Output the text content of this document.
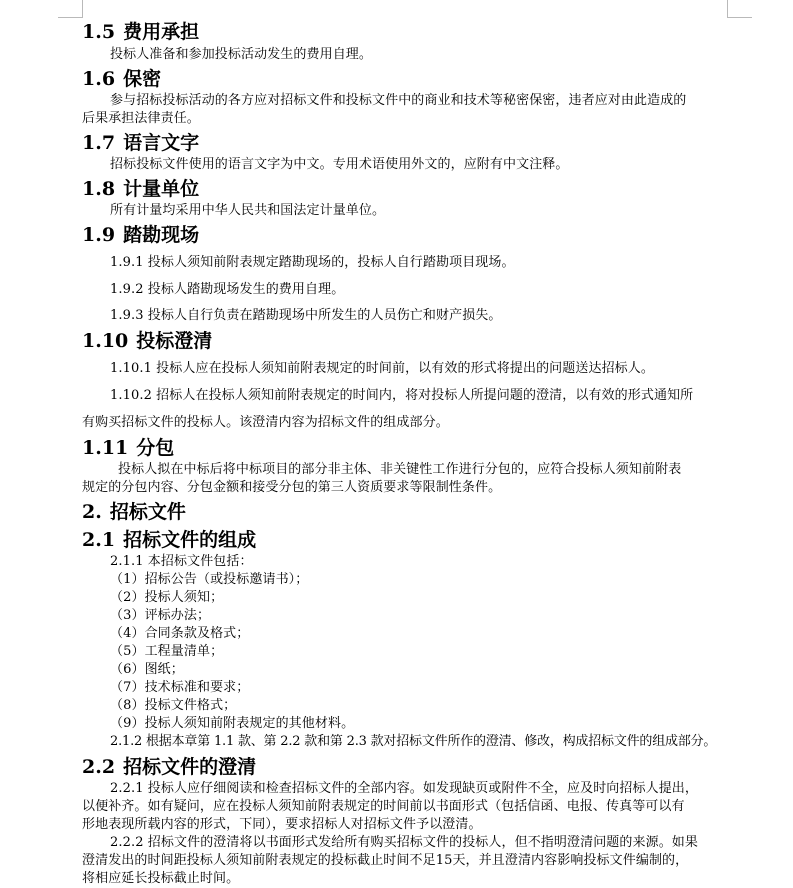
1.5 费用承担
投标人准备和参加投标活动发生的费用自理。
1.6 保密
参与招标投标活动的各方应对招标文件和投标文件中的商业和技术等秘密保密，违者应对由此造成的
后果承担法律责任。
1.7 语言文字
招标投标文件使用的语言文字为中文。专用术语使用外文的，应附有中文注释。
1.8 计量单位
所有计量均采用中华人民共和国法定计量单位。
1.9 踏勘现场
1.9.1 投标人须知前附表规定踏勘现场的，投标人自行踏勘项目现场。
1.9.2 投标人踏勘现场发生的费用自理。
1.9.3 投标人自行负责在踏勘现场中所发生的人员伤亡和财产损失。
1.10 投标澄清
1.10.1 投标人应在投标人须知前附表规定的时间前，以有效的形式将提出的问题送达招标人。
1.10.2 招标人在投标人须知前附表规定的时间内，将对投标人所提问题的澄清，以有效的形式通知所
有购买招标文件的投标人。该澄清内容为招标文件的组成部分。
1.11 分包
投标人拟在中标后将中标项目的部分非主体、非关键性工作进行分包的，应符合投标人须知前附表
规定的分包内容、分包金额和接受分包的第三人资质要求等限制性条件。
2. 招标文件
2.1 招标文件的组成
2.1.1 本招标文件包括：
（1）招标公告（或投标邀请书）；
（2）投标人须知；
（3）评标办法；
（4）合同条款及格式；
（5）工程量清单；
（6）图纸；
（7）技术标准和要求；
（8）投标文件格式；
（9）投标人须知前附表规定的其他材料。
2.1.2 根据本章第 1.1 款、第 2.2 款和第 2.3 款对招标文件所作的澄清、修改，构成招标文件的组成部分。
2.2 招标文件的澄清
2.2.1 投标人应仔细阅读和检查招标文件的全部内容。如发现缺页或附件不全，应及时向招标人提出，
以便补齐。如有疑问，应在投标人须知前附表规定的时间前以书面形式（包括信函、电报、传真等可以有
形地表现所载内容的形式，下同），要求招标人对招标文件予以澄清。
2.2.2 招标文件的澄清将以书面形式发给所有购买招标文件的投标人，但不指明澄清问题的来源。如果
澄清发出的时间距投标人须知前附表规定的投标截止时间不足15天，并且澄清内容影响投标文件编制的，
将相应延长投标截止时间。
